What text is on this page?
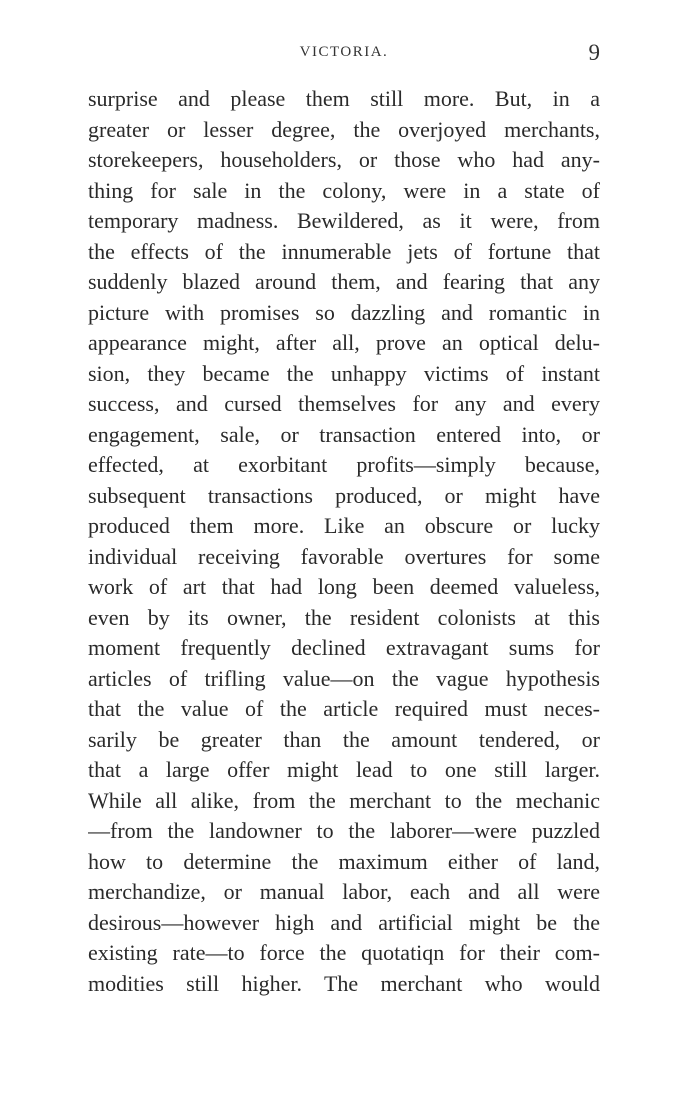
VICTORIA.	9
surprise and please them still more. But, in a
greater or lesser degree, the overjoyed merchants,
storekeepers, householders, or those who had any-
thing for sale in the colony, were in a state of
temporary madness. Bewildered, as it were, from
the effects of the innumerable jets of fortune that
suddenly blazed around them, and fearing that any
picture with promises so dazzling and romantic in
appearance might, after all, prove an optical delu-
sion, they became the unhappy victims of instant
success, and cursed themselves for any and every
engagement, sale, or transaction entered into, or
effected, at exorbitant profits—simply because,
subsequent transactions produced, or might have
produced them more. Like an obscure or lucky
individual receiving favorable overtures for some
work of art that had long been deemed valueless,
even by its owner, the resident colonists at this
moment frequently declined extravagant sums for
articles of trifling value—on the vague hypothesis
that the value of the article required must neces-
sarily be greater than the amount tendered, or
that a large offer might lead to one still larger.
While all alike, from the merchant to the mechanic
—from the landowner to the laborer—were puzzled
how to determine the maximum either of land,
merchandize, or manual labor, each and all were
desirous—however high and artificial might be the
existing rate—to force the quotatiqn for their com-
modities still higher. The merchant who would
